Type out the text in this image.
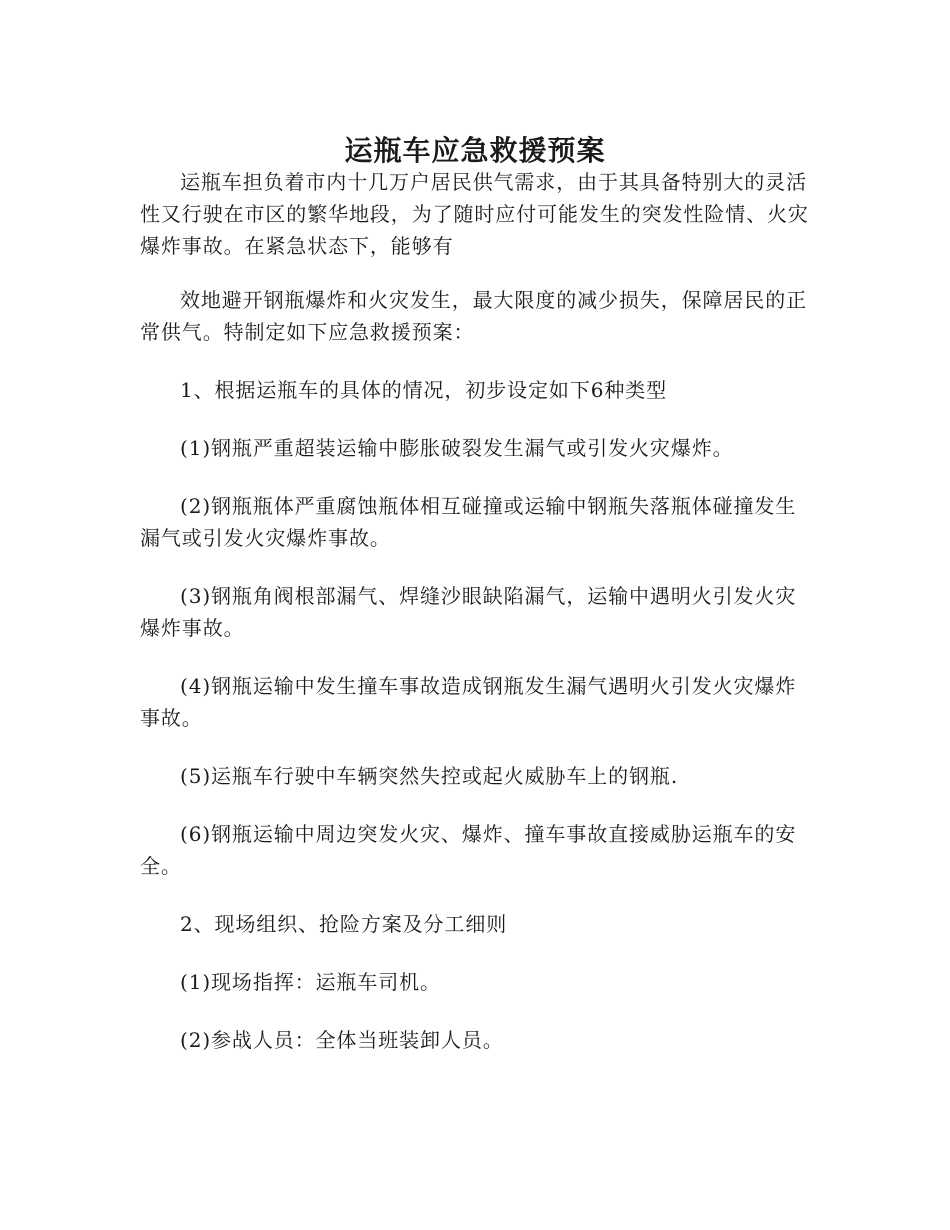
运瓶车应急救援预案

运瓶车担负着市内十几万户居民供气需求，由于其具备特别大的灵活性又行驶在市区的繁华地段，为了随时应付可能发生的突发性险情、火灾爆炸事故。在紧急状态下，能够有

效地避开钢瓶爆炸和火灾发生，最大限度的减少损失，保障居民的正常供气。特制定如下应急救援预案：

1、根据运瓶车的具体的情况，初步设定如下6种类型

(1)钢瓶严重超装运输中膨胀破裂发生漏气或引发火灾爆炸。

(2)钢瓶瓶体严重腐蚀瓶体相互碰撞或运输中钢瓶失落瓶体碰撞发生漏气或引发火灾爆炸事故。

(3)钢瓶角阀根部漏气、焊缝沙眼缺陷漏气，运输中遇明火引发火灾爆炸事故。

(4)钢瓶运输中发生撞车事故造成钢瓶发生漏气遇明火引发火灾爆炸事故。

(5)运瓶车行驶中车辆突然失控或起火威胁车上的钢瓶.

(6)钢瓶运输中周边突发火灾、爆炸、撞车事故直接威胁运瓶车的安全。

2、现场组织、抢险方案及分工细则

(1)现场指挥：运瓶车司机。

(2)参战人员：全体当班装卸人员。
